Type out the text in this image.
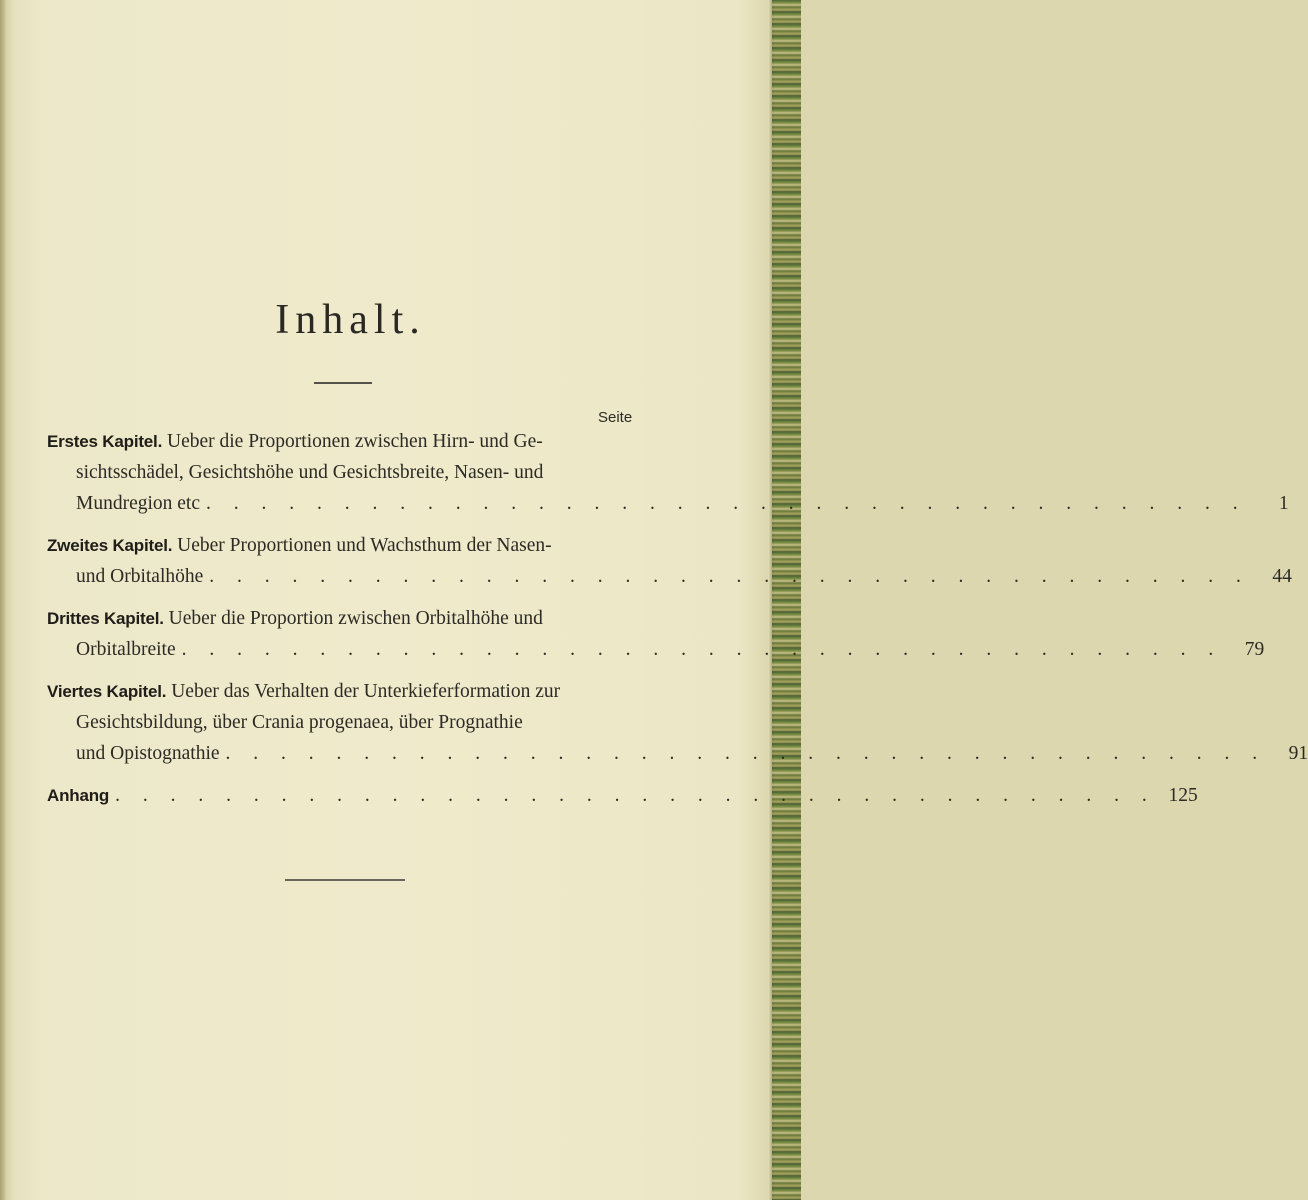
Inhalt.
Seite
Erstes Kapitel. Ueber die Proportionen zwischen Hirn- und Ge-
sichtsschädel, Gesichtshöhe und Gesichtsbreite, Nasen- und
Mundregion etc . . . . . . . . . . . . . . . . . . . . . . . . . . . . . . . . . . . . . .	1
Zweites Kapitel. Ueber Proportionen und Wachsthum der Nasen-
und Orbitalhöhe . . . . . . . . . . . . . . . . . . . . . . . . . . . . . . . . . . . . . .	44
Drittes Kapitel. Ueber die Proportion zwischen Orbitalhöhe und
Orbitalbreite . . . . . . . . . . . . . . . . . . . . . . . . . . . . . . . . . . . . . .	79
Viertes Kapitel. Ueber das Verhalten der Unterkieferformation zur
Gesichtsbildung, über Crania progenaea, über Prognathie
und Opistognathie . . . . . . . . . . . . . . . . . . . . . . . . . . . . . . . . . . . . . .	91
Anhang . . . . . . . . . . . . . . . . . . . . . . . . . . . . . . . . . . . . . . 125
